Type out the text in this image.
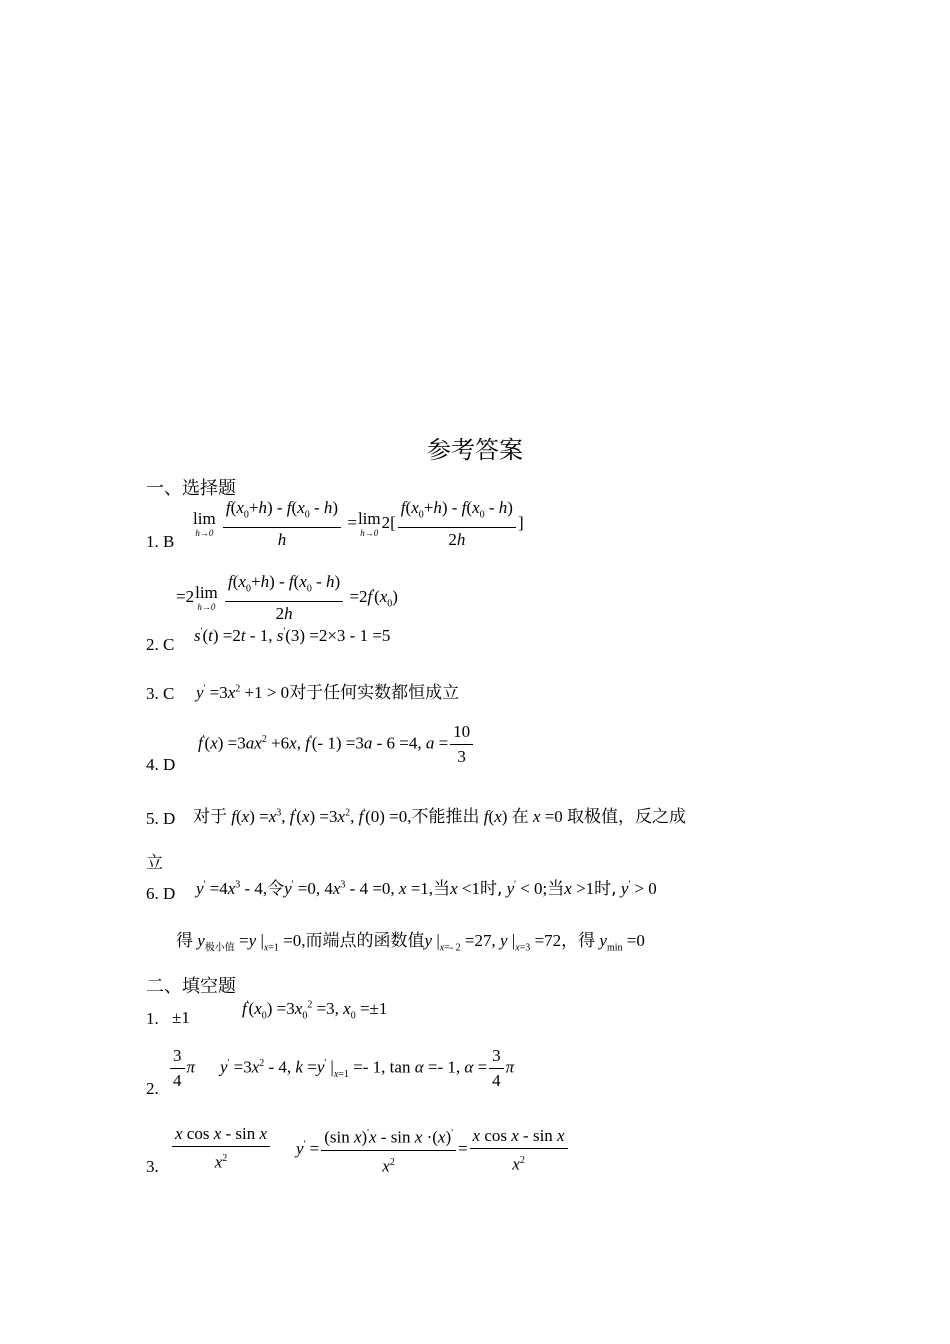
参考答案
一、选择题
1. B
lim
h→0
$\frac{f(x_0+h) - f(x_0 - h)}{h} = \lim$
h→0
$2[ \frac{f(x_0+h) - f(x_0 - h)}{2h}$ ]
=2 lim
h→0
$\frac{f(x_0+h) - f(x_0 - h)}{2h} =2f'(x_0)$
2. C s'(t) =2t - 1, s'(3) =2×3 - 1 =5
3. C $y' =3x^2 +1 > 0$对于任何实数都恒成立
4. D
$f'(x) =3ax^2 +6x$, f'(- 1) =3a - 6 =4, $a = \frac{10}{3}$
5. D 对于 $f(x) =x^3$, $f'(x) =3x^2$, f'(0) =0,不能推出 f(x) 在 x =0 取极值，反之成
立
6. D $y' =4x^3 - 4$,令y' =0, $4x^3 - 4 =0$, x =1,当x <1时, y' < 0;当x >1时, y' > 0
得 $y_{极小值} =y$ $|_{x=1} =0$,而端点的函数值y $|_{x=- 2} =27$, y $|_{x=3} =72$，得 $y_{min} =0$
二、填空题
1. ±1	$f'(x_0) =3x_0^2 =3$, $x_0 =\pm 1$
2. $\frac{3}{4}$ π $y' =3x^2 - 4$, k =y' $|_{x=1} =- 1$, tan α =- 1, $\alpha = \frac{3}{4}$ π
3. $\frac{\text{x cos x - sin x}}{x^2} y' = \frac{(\sin x)'x - \sin x \cdot(x)'}{x^2} = \frac{\text{x cos x - sin x}}{x^2}$
